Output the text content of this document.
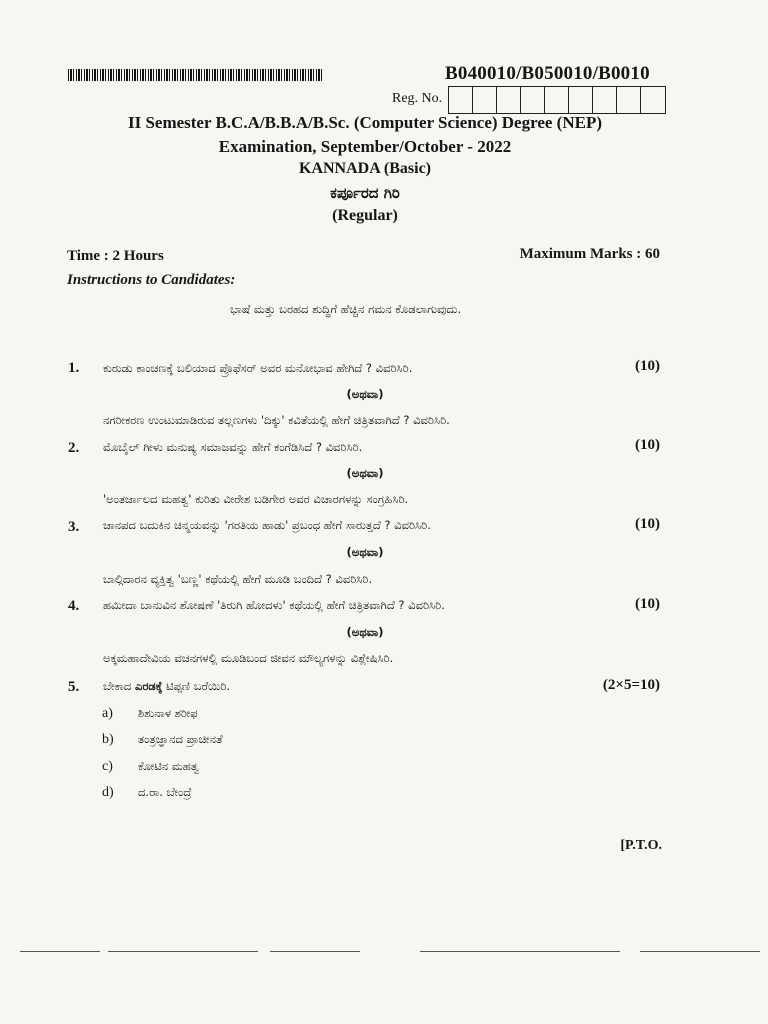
B040010/B050010/B0010
Reg. No.
II Semester B.C.A/B.B.A/B.Sc. (Computer Science) Degree (NEP)
Examination, September/October - 2022
KANNADA (Basic)
ಕರ್ಪೂರದ ಗಿರಿ
(Regular)
Time : 2 Hours	Maximum Marks : 60
Instructions to Candidates:
ಭಾಷೆ ಮತ್ತು ಬರಹದ ಶುದ್ಧಿಗೆ ಹೆಚ್ಚಿನ ಗಮನ ಕೊಡಲಾಗುವುದು.
1. ಕುರುಡು ಕಾಂಚಣಕ್ಕೆ ಬಲಿಯಾದ ಪ್ರೊಫೆಸರ್ ಅವರ ಮನೋಭಾವ ಹೇಗಿದೆ ? ವಿವರಿಸಿರಿ.	(10)
(ಅಥವಾ)
ನಗರೀಕರಣ ಉಂಟುಮಾಡಿರುವ ತಲ್ಲಣಗಳು 'ದಿಕ್ಕು' ಕವಿತೆಯಲ್ಲಿ ಹೇಗೆ ಚಿತ್ರಿತವಾಗಿದೆ ? ವಿವರಿಸಿರಿ.
2. ಮೊಬೈಲ್ ಗೀಳು ಮನುಷ್ಯ ಸಮಾಜವನ್ನು ಹೇಗೆ ಕಂಗೆಡಿಸಿದೆ ? ವಿವರಿಸಿರಿ.	(10)
(ಅಥವಾ)
'ಅಂತರ್ಜಾಲದ ಮಹತ್ವ' ಕುರಿತು ವೀರೇಶ ಬಡಿಗೇರ ಅವರ ವಿಚಾರಗಳನ್ನು ಸಂಗ್ರಹಿಸಿರಿ.
3. ಜಾನಪದ ಬದುಕಿನ ಚಿನ್ಮಯವನ್ನು 'ಗರತಿಯ ಹಾಡು' ಪ್ರಬಂಧ ಹೇಗೆ ಸಾರುತ್ತದೆ ? ವಿವರಿಸಿರಿ.	(10)
(ಅಥವಾ)
ಬಾಲ್ಗಿದಾರನ ವ್ಯಕ್ತಿತ್ವ 'ಬಣ್ಣ' ಕಥೆಯಲ್ಲಿ ಹೇಗೆ ಮೂಡಿ ಬಂದಿದೆ ? ವಿವರಿಸಿರಿ.
4. ಹಮೀದಾ ಬಾನುವಿನ ಶೋಷಣೆ 'ತಿರುಗಿ ಹೋದಳು' ಕಥೆಯಲ್ಲಿ ಹೇಗೆ ಚಿತ್ರಿತವಾಗಿದೆ ? ವಿವರಿಸಿರಿ.	(10)
(ಅಥವಾ)
ಅಕ್ಕಮಹಾದೇವಿಯ ವಚನಗಳಲ್ಲಿ ಮೂಡಿಬಂದ ಜೀವನ ಮೌಲ್ಯಗಳನ್ನು ವಿಶ್ಲೇಷಿಸಿರಿ.
5. ಬೇಕಾದ ಎರಡಕ್ಕೆ ಟಿಪ್ಪಣಿ ಬರೆಯಿರಿ.	(2×5=10)
a) ಶಿಶುನಾಳ ಶರೀಫ
b) ತಂತ್ರಜ್ಞಾನದ ಪ್ರಾಚೀನತೆ
c) ಕೋಟಿನ ಮಹತ್ವ
d) ದ.ರಾ. ಬೇಂದ್ರೆ
[P.T.O.
